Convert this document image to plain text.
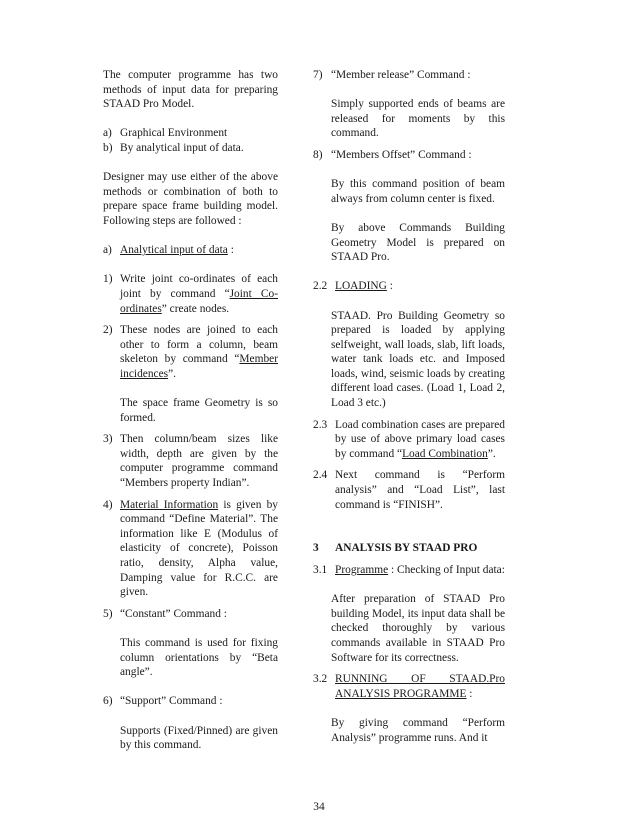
The computer programme has two methods of input data for preparing STAAD Pro Model.

a) Graphical Environment
b) By analytical input of data.

Designer may use either of the above methods or combination of both to prepare space frame building model. Following steps are followed :

a) Analytical input of data :
1) Write joint co-ordinates of each joint by command “Joint Co-ordinates” create nodes.
2) These nodes are joined to each other to form a column, beam skeleton by command “Member incidences”.

The space frame Geometry is so formed.

3) Then column/beam sizes like width, depth are given by the computer programme command “Members property Indian”.
4) Material Information is given by command “Define Material”. The information like E (Modulus of elasticity of concrete), Poisson ratio, density, Alpha value, Damping value for R.C.C. are given.
5) “Constant” Command :

This command is used for fixing column orientations by “Beta angle”.

6) “Support” Command :

Supports (Fixed/Pinned) are given by this command.

7) “Member release” Command :

Simply supported ends of beams are released for moments by this command.

8) “Members Offset” Command :

By this command position of beam always from column center is fixed.

By above Commands Building Geometry Model is prepared on STAAD Pro.

2.2 LOADING :

STAAD. Pro Building Geometry so prepared is loaded by applying selfweight, wall loads, slab, lift loads, water tank loads etc. and Imposed loads, wind, seismic loads by creating different load cases. (Load 1, Load 2, Load 3 etc.)

2.3 Load combination cases are prepared by use of above primary load cases by command “Load Combination”.
2.4 Next command is “Perform analysis” and “Load List”, last command is “FINISH”.
3	ANALYSIS BY STAAD PRO
3.1 Programme : Checking of Input data:

After preparation of STAAD Pro building Model, its input data shall be checked thoroughly by various commands available in STAAD Pro Software for its correctness.

3.2 RUNNING OF STAAD.Pro ANALYSIS PROGRAMME :

By giving command “Perform Analysis” programme runs. And it

34
